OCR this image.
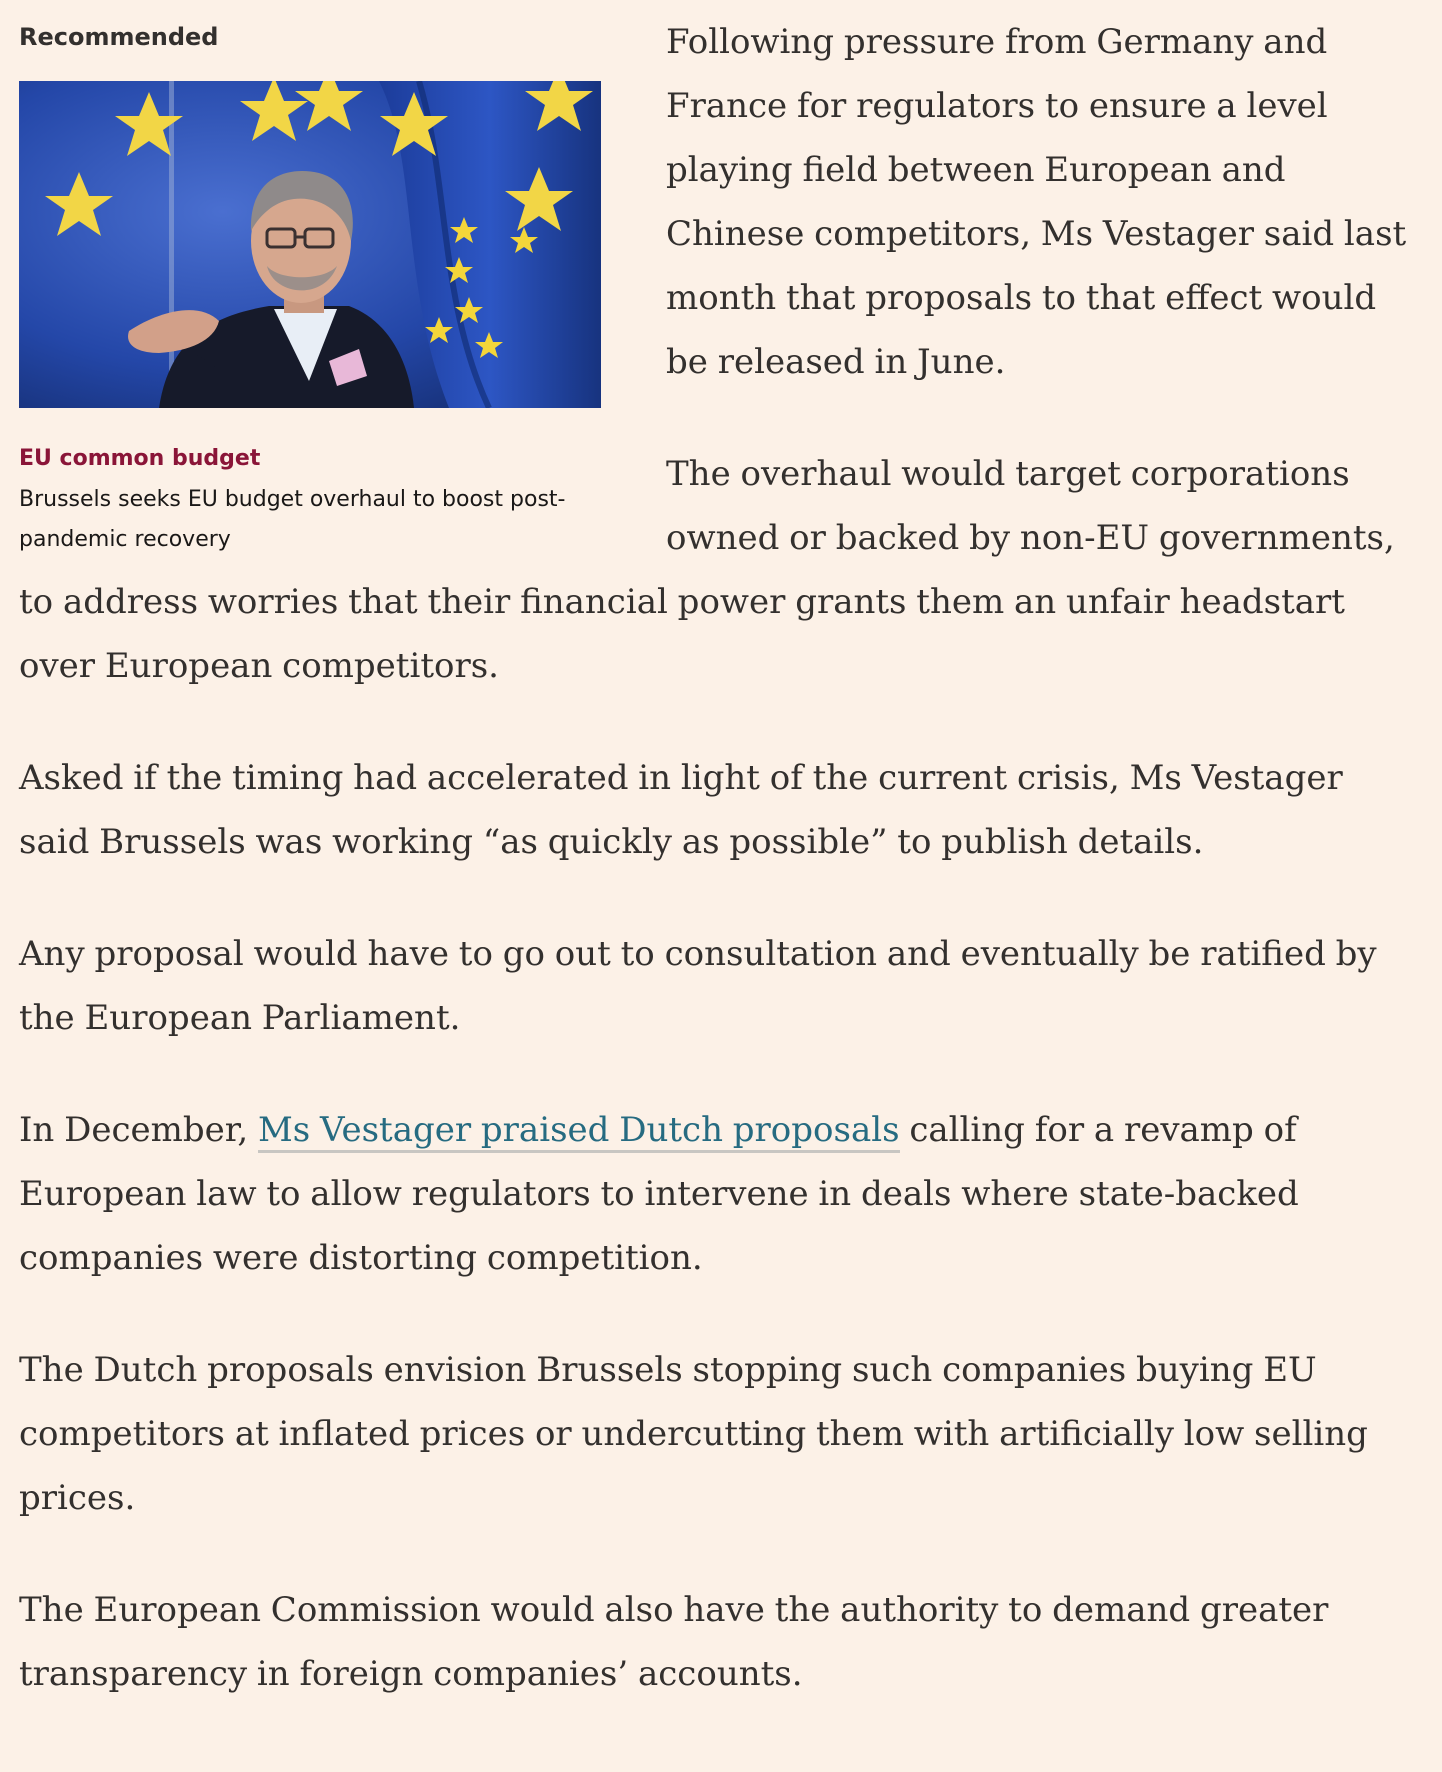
Recommended
EU common budget
Brussels seeks EU budget overhaul to boost post-pandemic recovery

Following pressure from Germany and France for regulators to ensure a level playing field between European and Chinese competitors, Ms Vestager said last month that proposals to that effect would be released in June.

The overhaul would target corporations owned or backed by non-EU governments, to address worries that their financial power grants them an unfair headstart over European competitors.

Asked if the timing had accelerated in light of the current crisis, Ms Vestager said Brussels was working “as quickly as possible” to publish details.

Any proposal would have to go out to consultation and eventually be ratified by the European Parliament.

In December, Ms Vestager praised Dutch proposals calling for a revamp of European law to allow regulators to intervene in deals where state-backed companies were distorting competition.

The Dutch proposals envision Brussels stopping such companies buying EU competitors at inflated prices or undercutting them with artificially low selling prices.

The European Commission would also have the authority to demand greater transparency in foreign companies’ accounts.
